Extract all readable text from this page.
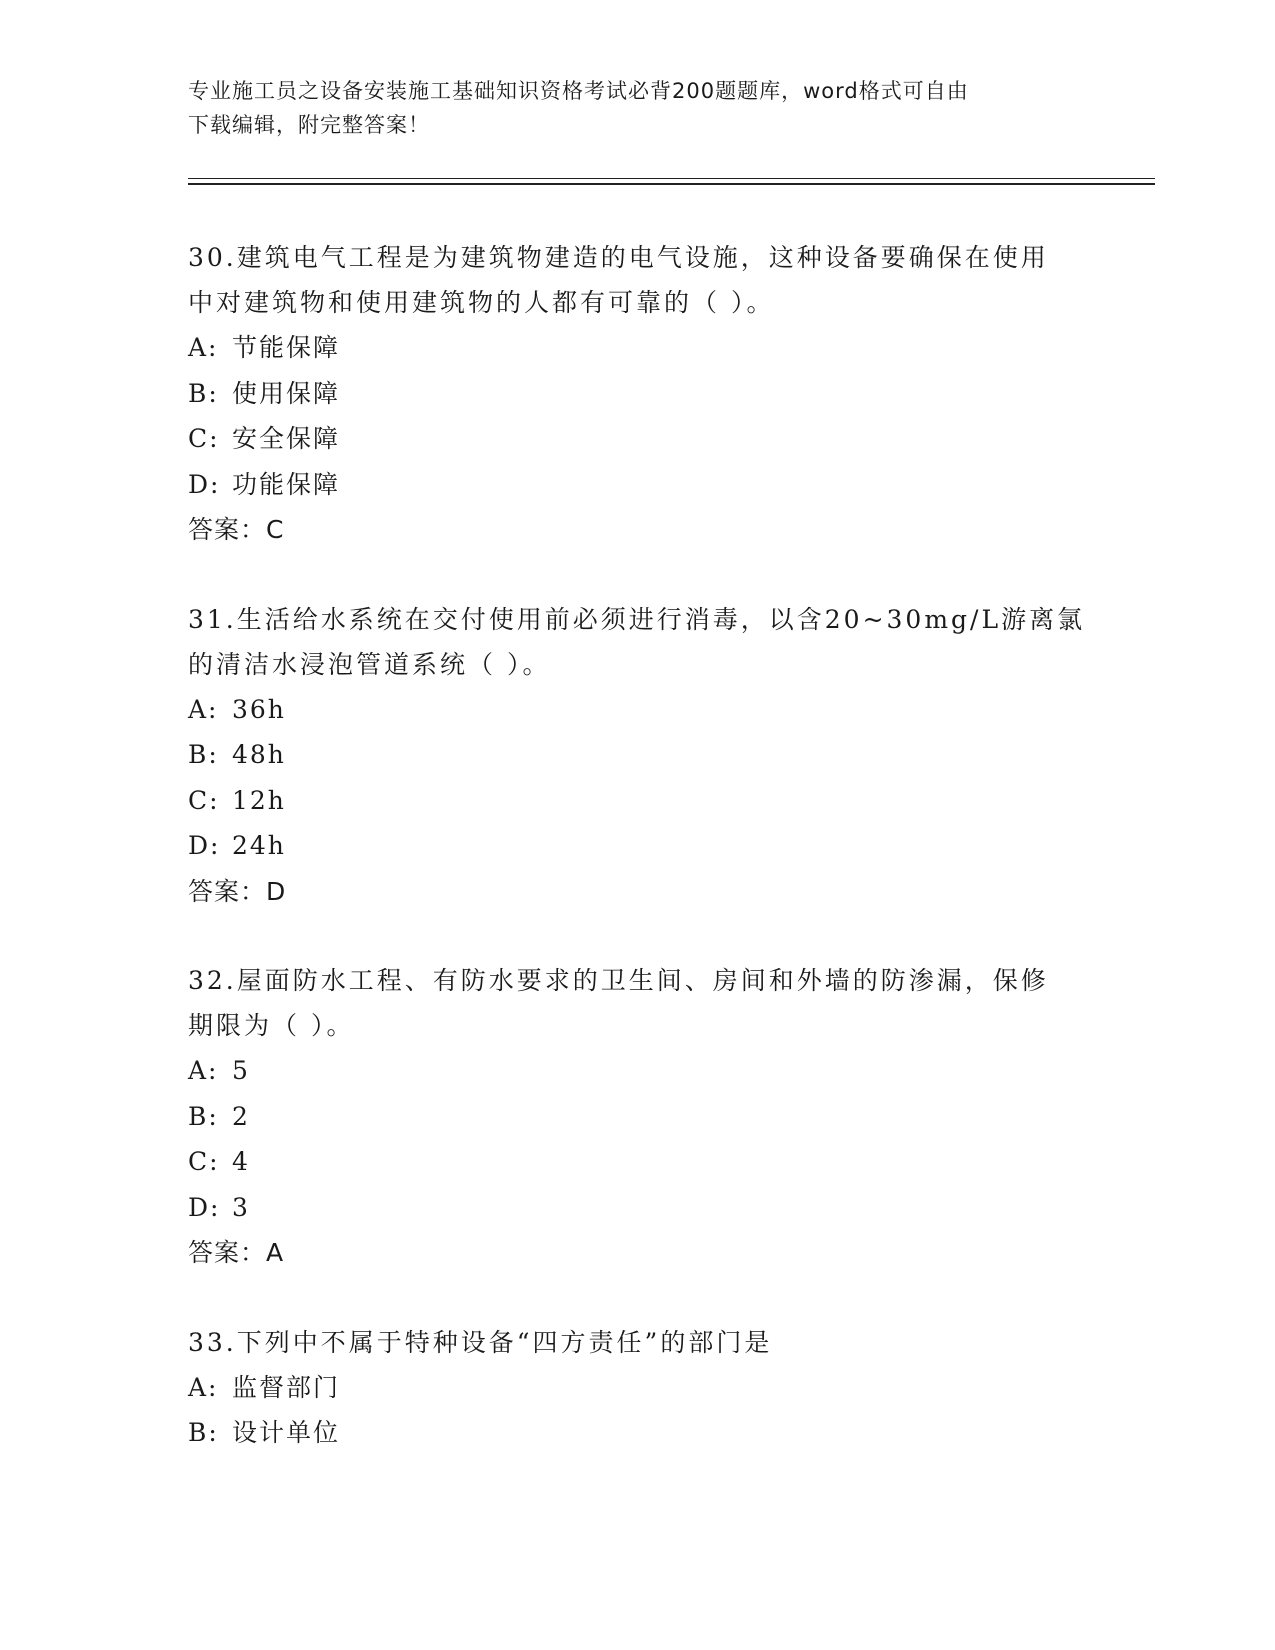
专业施工员之设备安装施工基础知识资格考试必背200题题库，word格式可自由
下载编辑，附完整答案！

30.建筑电气工程是为建筑物建造的电气设施，这种设备要确保在使用

中对建筑物和使用建筑物的人都有可靠的（ ）。

A: 节能保障

B: 使用保障

C: 安全保障

D: 功能保障

答案：C

31.生活给水系统在交付使用前必须进行消毒，以含20~30mg/L游离氯

的清洁水浸泡管道系统（ ）。

A: 36h

B: 48h

C: 12h

D: 24h

答案：D

32.屋面防水工程、有防水要求的卫生间、房间和外墙的防渗漏，保修

期限为（ ）。

A: 5

B: 2

C: 4

D: 3

答案：A

33.下列中不属于特种设备“四方责任”的部门是

A: 监督部门

B: 设计单位
